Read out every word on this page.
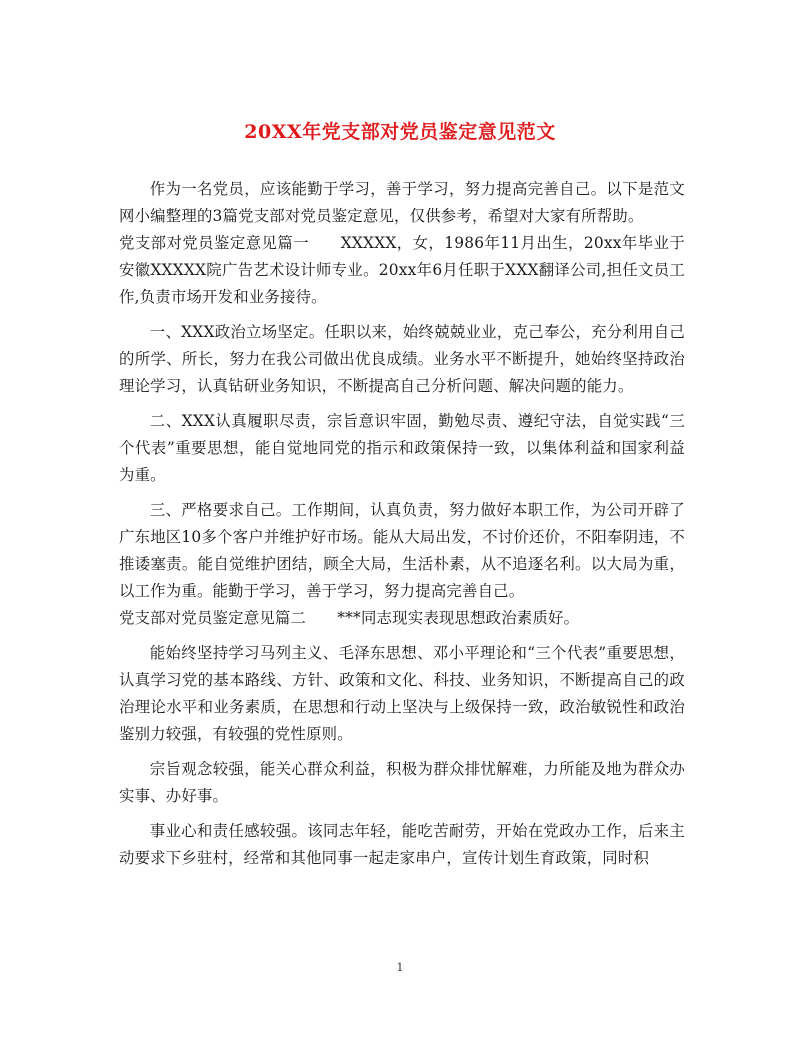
20XX年党支部对党员鉴定意见范文

作为一名党员，应该能勤于学习，善于学习，努力提高完善自己。以下是范文网小编整理的3篇党支部对党员鉴定意见，仅供参考，希望对大家有所帮助。

党支部对党员鉴定意见篇一　　XXXXX，女，1986年11月出生，20xx年毕业于安徽XXXXX院广告艺术设计师专业。20xx年6月任职于XXX翻译公司,担任文员工作,负责市场开发和业务接待。

一、XXX政治立场坚定。任职以来，始终兢兢业业，克己奉公，充分利用自己的所学、所长，努力在我公司做出优良成绩。业务水平不断提升，她始终坚持政治理论学习，认真钻研业务知识，不断提高自己分析问题、解决问题的能力。

二、XXX认真履职尽责，宗旨意识牢固，勤勉尽责、遵纪守法，自觉实践“三个代表”重要思想，能自觉地同党的指示和政策保持一致，以集体利益和国家利益为重。

三、严格要求自己。工作期间，认真负责，努力做好本职工作，为公司开辟了广东地区10多个客户并维护好市场。能从大局出发，不讨价还价，不阳奉阴违，不推诿塞责。能自觉维护团结，顾全大局，生活朴素，从不追逐名利。以大局为重，以工作为重。能勤于学习，善于学习，努力提高完善自己。

党支部对党员鉴定意见篇二　　***同志现实表现思想政治素质好。

能始终坚持学习马列主义、毛泽东思想、邓小平理论和“三个代表”重要思想，认真学习党的基本路线、方针、政策和文化、科技、业务知识，不断提高自己的政治理论水平和业务素质，在思想和行动上坚决与上级保持一致，政治敏锐性和政治鉴别力较强，有较强的党性原则。

宗旨观念较强，能关心群众利益，积极为群众排忧解难，力所能及地为群众办实事、办好事。

事业心和责任感较强。该同志年轻，能吃苦耐劳，开始在党政办工作，后来主动要求下乡驻村，经常和其他同事一起走家串户，宣传计划生育政策，同时积

1
